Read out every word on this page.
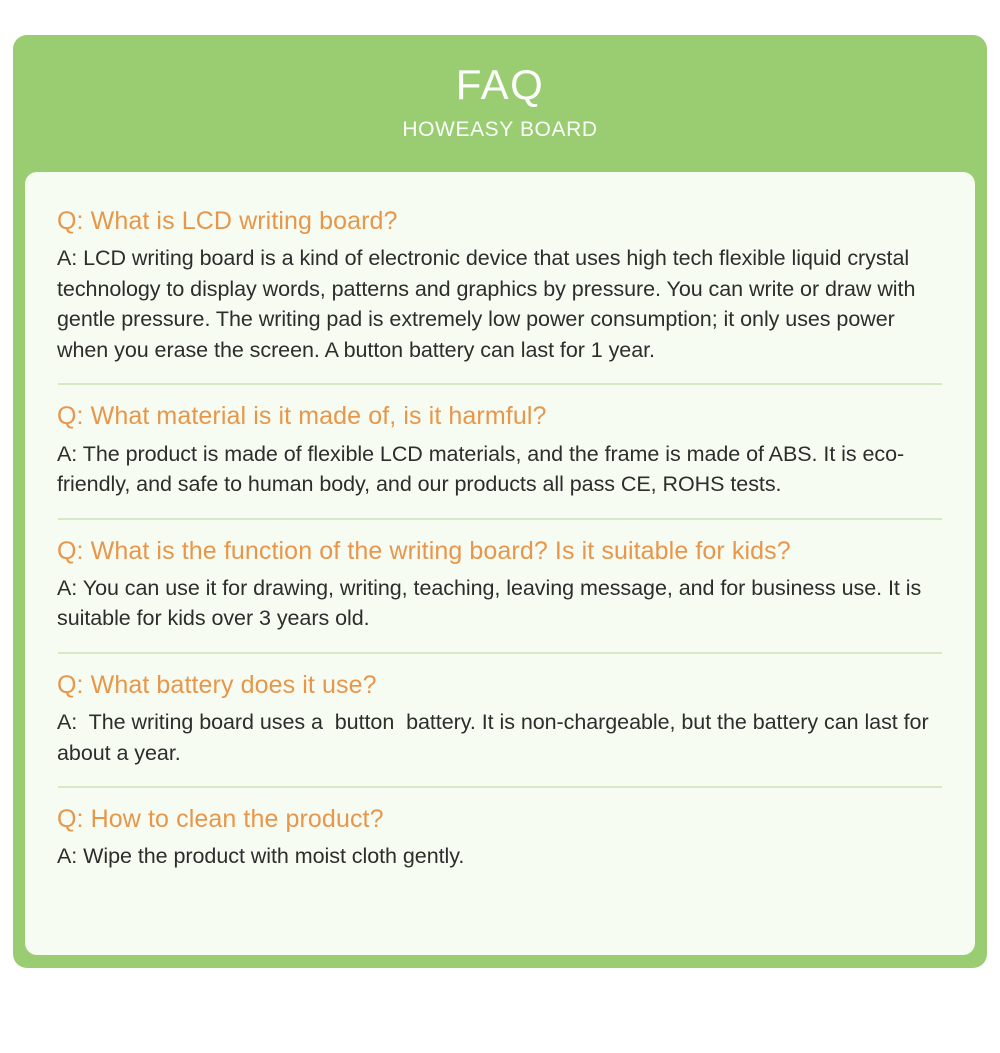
FAQ
HOWEASY BOARD

Q: What is LCD writing board?

A: LCD writing board is a kind of electronic device that uses high tech flexible liquid crystal technology to display words, patterns and graphics by pressure. You can write or draw with gentle pressure. The writing pad is extremely low power consumption; it only uses power when you erase the screen. A button battery can last for 1 year.

Q: What material is it made of, is it harmful?

A: The product is made of flexible LCD materials, and the frame is made of ABS. It is eco-friendly, and safe to human body, and our products all pass CE, ROHS tests.

Q: What is the function of the writing board? Is it suitable for kids?

A: You can use it for drawing, writing, teaching, leaving message, and for business use. It is suitable for kids over 3 years old.

Q: What battery does it use?

A:  The writing board uses a  button  battery. It is non-chargeable, but the battery can last for about a year.

Q: How to clean the product?

A: Wipe the product with moist cloth gently.
